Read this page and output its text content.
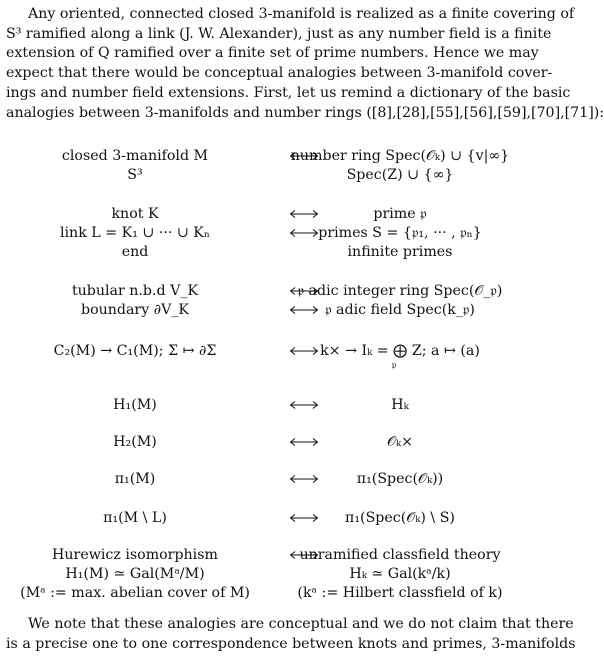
Any oriented, connected closed 3-manifold is realized as a finite covering of
S³ ramified along a link (J. W. Alexander), just as any number field is a finite
extension of Q ramified over a finite set of prime numbers. Hence we may
expect that there would be conceptual analogies between 3-manifold cover-
ings and number field extensions. First, let us remind a dictionary of the basic
analogies between 3-manifolds and number rings ([8],[28],[55],[56],[59],[70],[71]):

closed 3-manifold M	number ring Spec(𝒪ₖ) ∪ {v|∞}
S³	Spec(Z) ∪ {∞}
knot K	prime 𝔭
link L = K₁ ∪ ··· ∪ Kₙ	primes S = {𝔭₁, ··· , 𝔭ₙ}
end	infinite primes
tubular n.b.d V_K	𝔭 adic integer ring Spec(𝒪_𝔭)
boundary ∂V_K	𝔭 adic field Spec(k_𝔭)
C₂(M) → C₁(M); Σ ↦ ∂Σ	k× → Iₖ = ⨁ Z; a ↦ (a)
𝔭
H₁(M)	Hₖ
H₂(M)	𝒪ₖ×
π₁(M)	π₁(Spec(𝒪ₖ))
π₁(M \ L)	π₁(Spec(𝒪ₖ) \ S)
Hurewicz isomorphism	unramified classfield theory
H₁(M) ≃ Gal(Mᵃ/M)	Hₖ ≃ Gal(kᵃ/k)
(Mᵃ := max. abelian cover of M)	(kᵃ := Hilbert classfield of k)

We note that these analogies are conceptual and we do not claim that there
is a precise one to one correspondence between knots and primes, 3-manifolds
